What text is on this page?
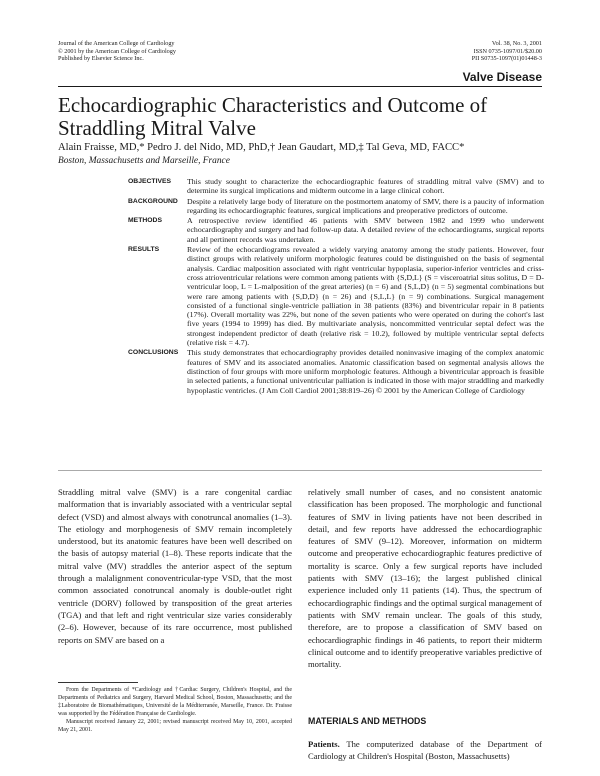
Journal of the American College of Cardiology
© 2001 by the American College of Cardiology
Published by Elsevier Science Inc.
Vol. 38, No. 3, 2001
ISSN 0735-1097/01/$20.00
PII S0735-1097(01)01448-3
Valve Disease
Echocardiographic Characteristics and Outcome of Straddling Mitral Valve
Alain Fraisse, MD,* Pedro J. del Nido, MD, PhD,† Jean Gaudart, MD,‡ Tal Geva, MD, FACC*
Boston, Massachusetts and Marseille, France
OBJECTIVES	This study sought to characterize the echocardiographic features of straddling mitral valve (SMV) and to determine its surgical implications and midterm outcome in a large clinical cohort.
BACKGROUND	Despite a relatively large body of literature on the postmortem anatomy of SMV, there is a paucity of information regarding its echocardiographic features, surgical implications and preoperative predictors of outcome.
METHODS	A retrospective review identified 46 patients with SMV between 1982 and 1999 who underwent echocardiography and surgery and had follow-up data. A detailed review of the echocardiograms, surgical reports and all pertinent records was undertaken.
RESULTS	Review of the echocardiograms revealed a widely varying anatomy among the study patients. However, four distinct groups with relatively uniform morphologic features could be distinguished on the basis of segmental analysis. Cardiac malposition associated with right ventricular hypoplasia, superior-inferior ventricles and criss-cross atrioventricular relations were common among patients with {S,D,L} (S = visceroatrial situs solitus, D = D-ventricular loop, L = L-malposition of the great arteries) (n = 6) and {S,L,D} (n = 5) segmental combinations but were rare among patients with {S,D,D} (n = 26) and {S,L,L} (n = 9) combinations. Surgical management consisted of a functional single-ventricle palliation in 38 patients (83%) and biventricular repair in 8 patients (17%). Overall mortality was 22%, but none of the seven patients who were operated on during the cohort's last five years (1994 to 1999) has died. By multivariate analysis, noncommitted ventricular septal defect was the strongest independent predictor of death (relative risk = 10.2), followed by multiple ventricular septal defects (relative risk = 4.7).
CONCLUSIONS	This study demonstrates that echocardiography provides detailed noninvasive imaging of the complex anatomic features of SMV and its associated anomalies. Anatomic classification based on segmental analysis allows the distinction of four groups with more uniform morphologic features. Although a biventricular approach is feasible in selected patients, a functional univentricular palliation is indicated in those with major straddling and markedly hypoplastic ventricles. (J Am Coll Cardiol 2001;38:819–26) © 2001 by the American College of Cardiology
Straddling mitral valve (SMV) is a rare congenital cardiac malformation that is invariably associated with a ventricular septal defect (VSD) and almost always with conotruncal anomalies (1–3). The etiology and morphogenesis of SMV remain incompletely understood, but its anatomic features have been well described on the basis of autopsy material (1–8). These reports indicate that the mitral valve (MV) straddles the anterior aspect of the septum through a malalignment conoventricular-type VSD, that the most common associated conotruncal anomaly is double-outlet right ventricle (DORV) followed by transposition of the great arteries (TGA) and that left and right ventricular size varies considerably (2–6). However, because of its rare occurrence, most published reports on SMV are based on a
relatively small number of cases, and no consistent anatomic classification has been proposed. The morphologic and functional features of SMV in living patients have not been described in detail, and few reports have addressed the echocardiographic features of SMV (9–12). Moreover, information on midterm outcome and preoperative echocardiographic features predictive of mortality is scarce. Only a few surgical reports have included patients with SMV (13–16); the largest published clinical experience included only 11 patients (14). Thus, the spectrum of echocardiographic findings and the optimal surgical management of patients with SMV remain unclear. The goals of this study, therefore, are to propose a classification of SMV based on echocardiographic findings in 46 patients, to report their midterm clinical outcome and to identify preoperative variables predictive of mortality.

From the Departments of *Cardiology and †Cardiac Surgery, Children's Hospital, and the Departments of Pediatrics and Surgery, Harvard Medical School, Boston, Massachusetts; and the ‡Laboratoire de Biomathématiques, Université de la Méditerranée, Marseille, France. Dr. Fraisse was supported by the Fédération Française de Cardiologie.

Manuscript received January 22, 2001; revised manuscript received May 10, 2001, accepted May 21, 2001.

MATERIALS AND METHODS
Patients. The computerized database of the Department of Cardiology at Children's Hospital (Boston, Massachusetts)
